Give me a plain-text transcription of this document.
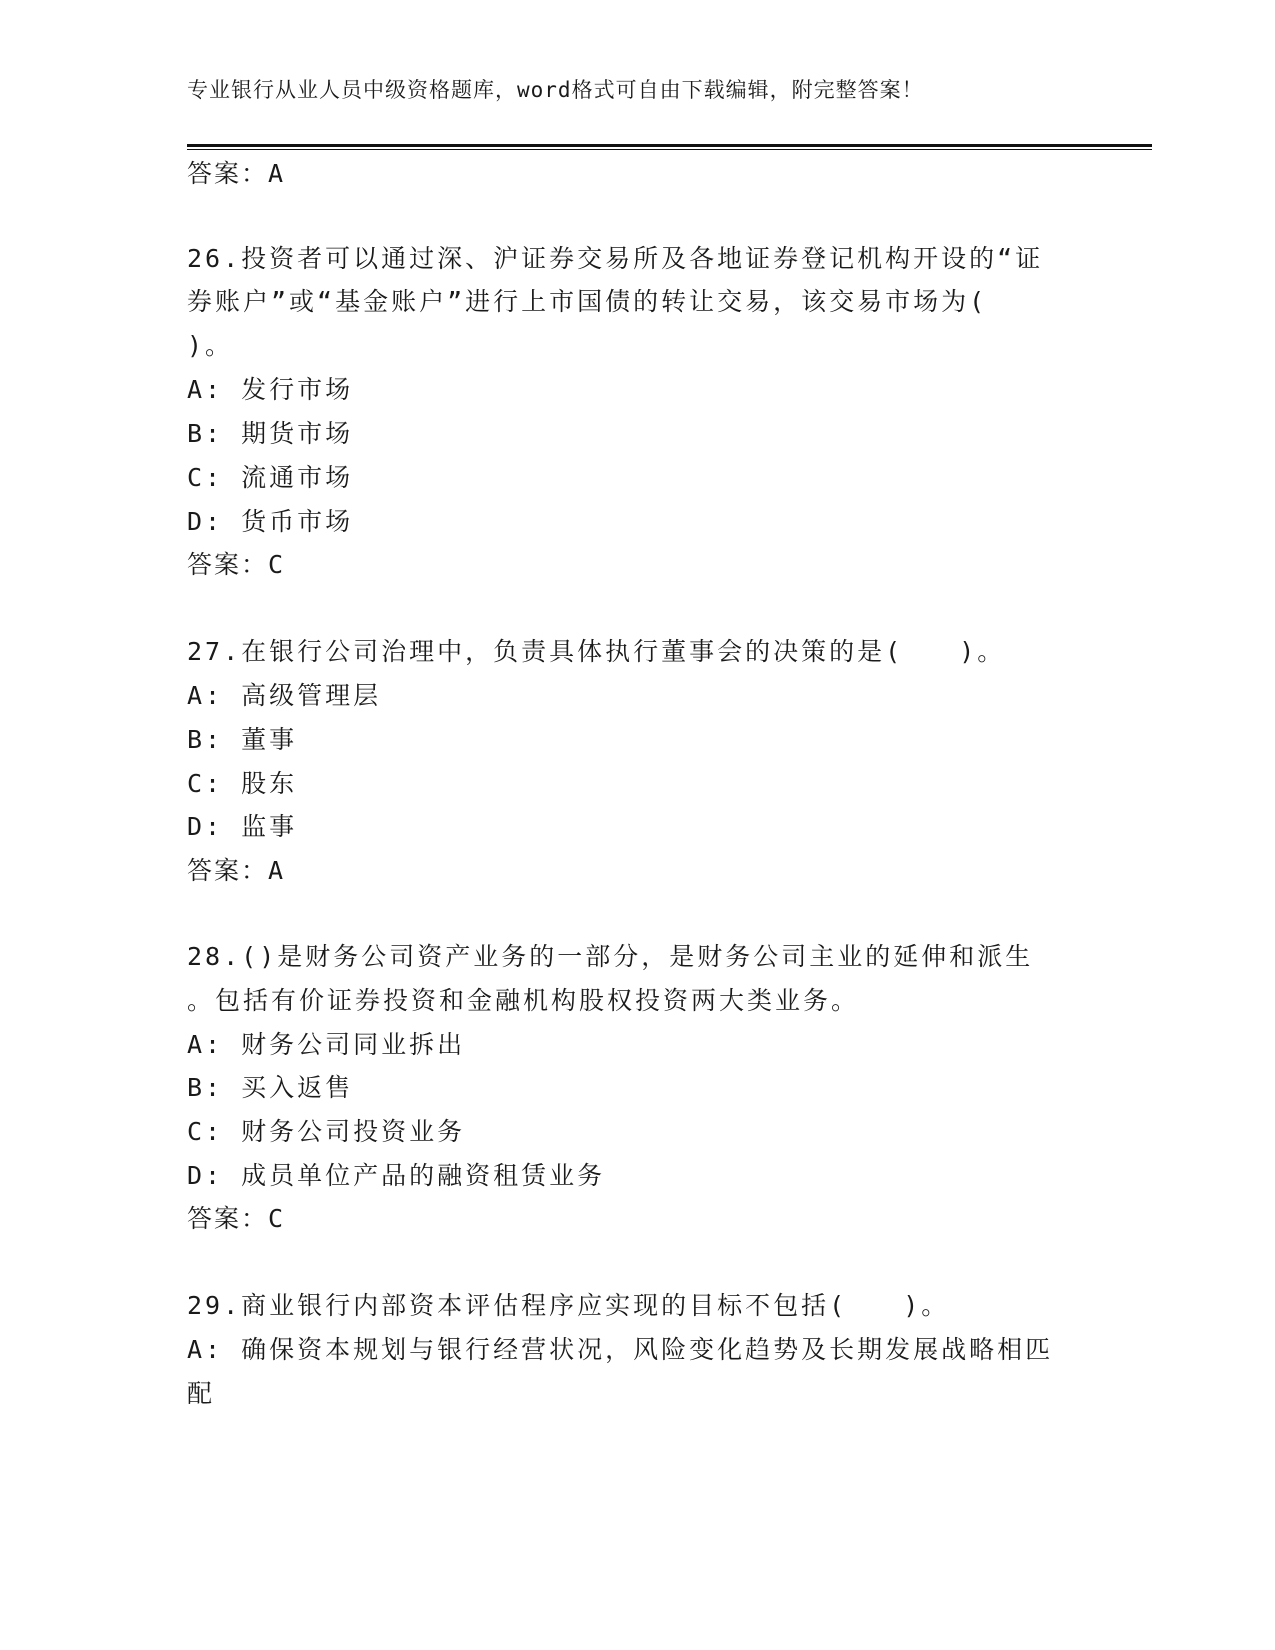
专业银行从业人员中级资格题库，word格式可自由下载编辑，附完整答案！
答案：A
26.投资者可以通过深、沪证券交易所及各地证券登记机构开设的“证
券账户”或“基金账户”进行上市国债的转让交易，该交易市场为(
)。
A: 发行市场
B: 期货市场
C: 流通市场
D: 货币市场
答案：C
27.在银行公司治理中，负责具体执行董事会的决策的是(　　)。
A: 高级管理层
B: 董事
C: 股东
D: 监事
答案：A
28.()是财务公司资产业务的一部分，是财务公司主业的延伸和派生
。包括有价证券投资和金融机构股权投资两大类业务。
A: 财务公司同业拆出
B: 买入返售
C: 财务公司投资业务
D: 成员单位产品的融资租赁业务
答案：C
29.商业银行内部资本评估程序应实现的目标不包括(　　)。
A: 确保资本规划与银行经营状况，风险变化趋势及长期发展战略相匹
配
